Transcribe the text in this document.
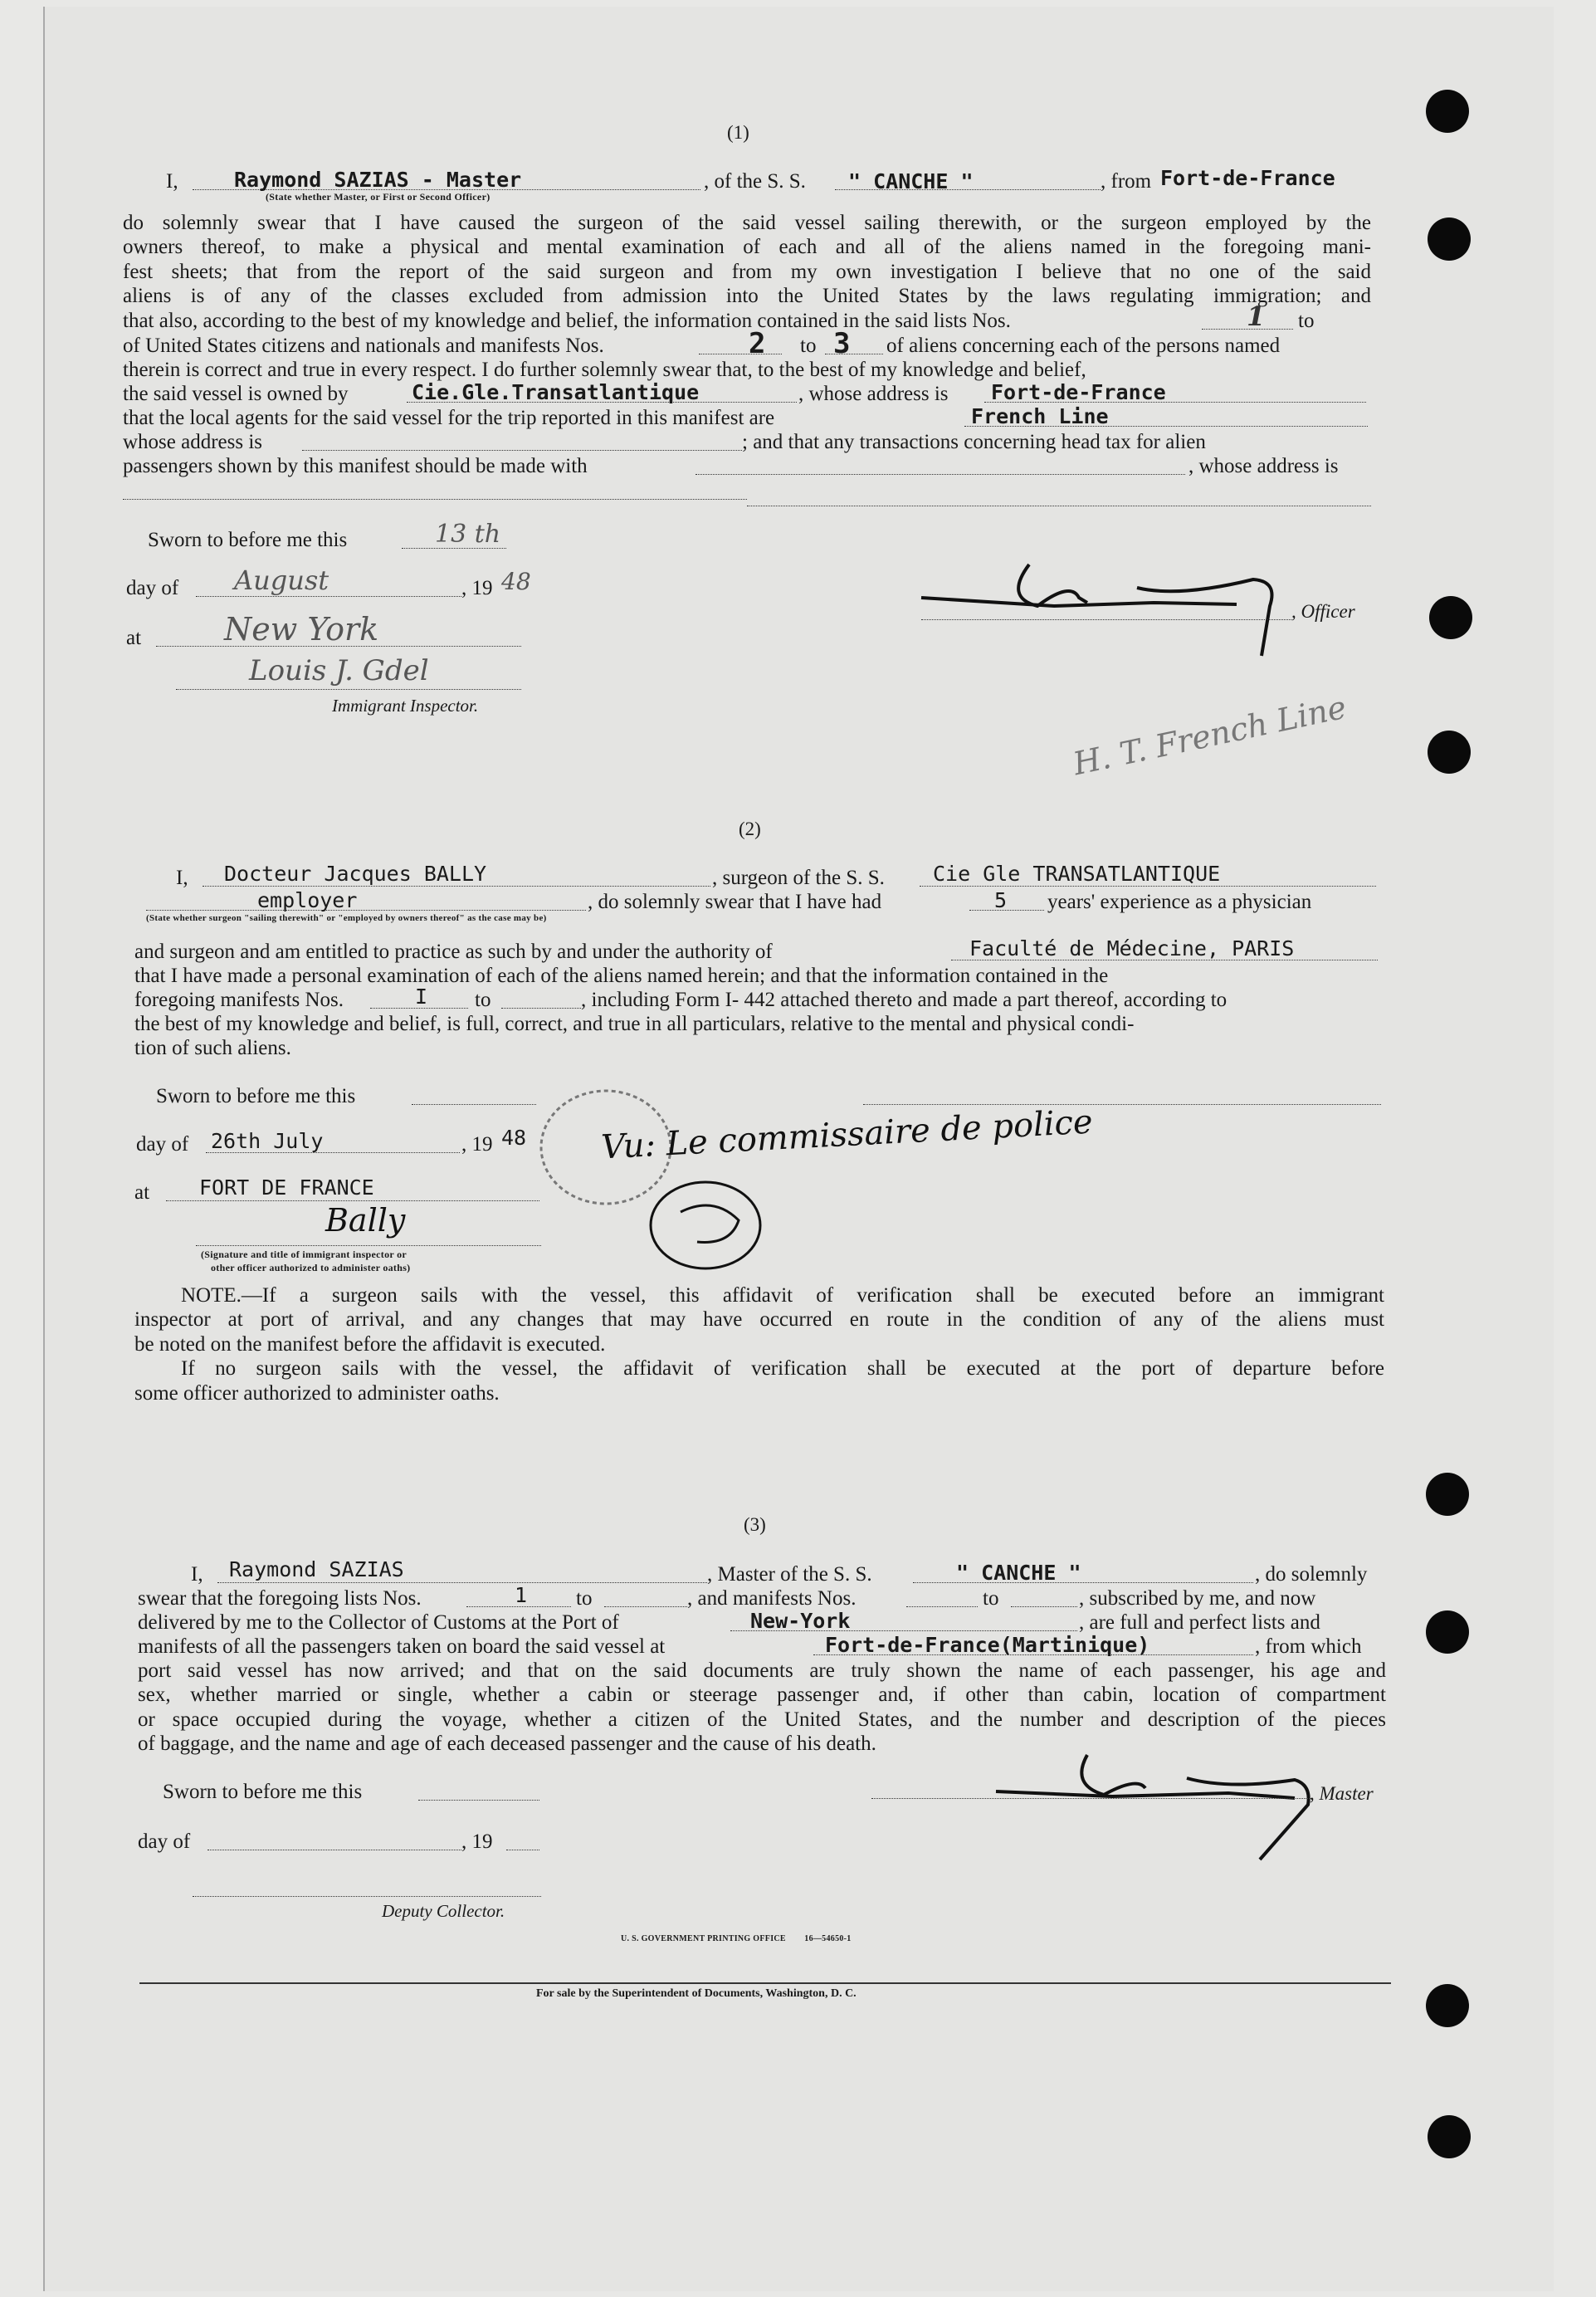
(1)
I,	Raymond SAZIAS - Master
(State whether Master, or First or Second Officer)
, of the S. S. " CANCHE "	, from Fort-de-France
do solemnly swear that I have caused the surgeon of the said vessel sailing therewith, or the surgeon employed by the
owners thereof, to make a physical and mental examination of each and all of the aliens named in the foregoing mani-
fest sheets; that from the report of the said surgeon and from my own investigation I believe that no one of the said
aliens is of any of the classes excluded from admission into the United States by the laws regulating immigration; and
that also, according to the best of my knowledge and belief, the information contained in the said lists Nos.	1 to
of United States citizens and nationals and manifests Nos.	2 to 3 of aliens concerning each of the persons named
therein is correct and true in every respect. I do further solemnly swear that, to the best of my knowledge and belief,
the said vessel is owned by	Cie.Gle.Transatlantique	, whose address is Fort-de-France
that the local agents for the said vessel for the trip reported in this manifest are	French Line
whose address is	; and that any transactions concerning head tax for alien
passengers shown by this manifest should be made with	, whose address is
Sworn to before me this	13 th
day of August	, 19 48
at	New York
Louis J. Gdel
Immigrant Inspector.
, Officer
H. T. French Line
(2)
I, Docteur Jacques BALLY	, surgeon of the S. S. Cie Gle TRANSATLANTIQUE
employer	, do solemnly swear that I have had	5 years' experience as a physician
(State whether surgeon "sailing therewith" or "employed by owners thereof" as the case may be)
and surgeon and am entitled to practice as such by and under the authority of	Faculté de Médecine, PARIS
that I have made a personal examination of each of the aliens named herein; and that the information contained in the
foregoing manifests Nos.	I to	, including Form I- 442 attached thereto and made a part thereof, according to
the best of my knowledge and belief, is full, correct, and true in all particulars, relative to the mental and physical condi-
tion of such aliens.
Sworn to before me this
day of 26th July	, 19 48
at FORT DE FRANCE
Bally
(Signature and title of immigrant inspector or
other officer authorized to administer oaths)
Vu: Le commissaire de police
NOTE.—If a surgeon sails with the vessel, this affidavit of verification shall be executed before an immigrant
inspector at port of arrival, and any changes that may have occurred en route in the condition of any of the aliens must
be noted on the manifest before the affidavit is executed.
If no surgeon sails with the vessel, the affidavit of verification shall be executed at the port of departure before
some officer authorized to administer oaths.
(3)
I, Raymond SAZIAS	, Master of the S. S.	" CANCHE "	, do solemnly
swear that the foregoing lists Nos.	1 to	, and manifests Nos.	to	, subscribed by me, and now
delivered by me to the Collector of Customs at the Port of	New-York	, are full and perfect lists and
manifests of all the passengers taken on board the said vessel at	Fort-de-France(Martinique)	, from which
port said vessel has now arrived; and that on the said documents are truly shown the name of each passenger, his age and
sex, whether married or single, whether a cabin or steerage passenger and, if other than cabin, location of compartment
or space occupied during the voyage, whether a citizen of the United States, and the number and description of the pieces
of baggage, and the name and age of each deceased passenger and the cause of his death.
Sworn to before me this	, Master
day of	, 19
Deputy Collector.
U. S. GOVERNMENT PRINTING OFFICE        16—54650-1
For sale by the Superintendent of Documents, Washington, D. C.
